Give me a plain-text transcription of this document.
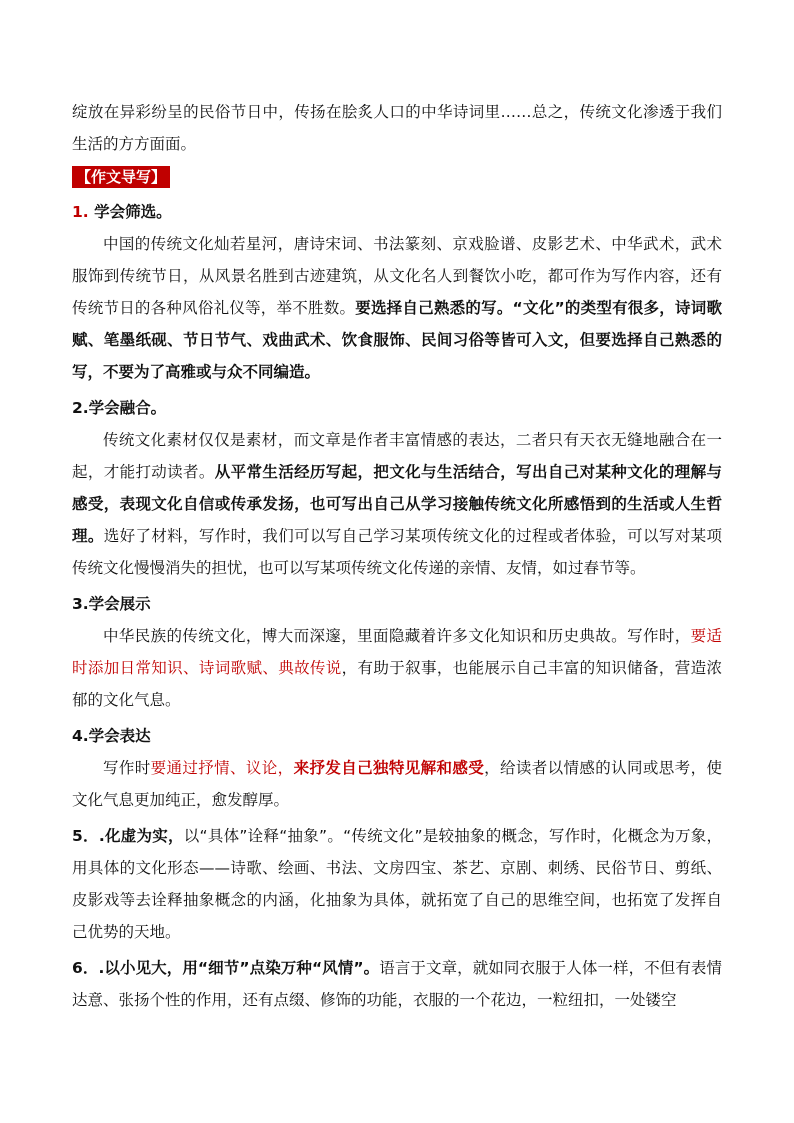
绽放在异彩纷呈的民俗节日中，传扬在脍炙人口的中华诗词里……总之，传统文化渗透于我们生活的方方面面。

【作文导写】

1. 学会筛选。

中国的传统文化灿若星河，唐诗宋词、书法篆刻、京戏脸谱、皮影艺术、中华武术，武术服饰到传统节日，从风景名胜到古迹建筑，从文化名人到餐饮小吃，都可作为写作内容，还有传统节日的各种风俗礼仪等，举不胜数。要选择自己熟悉的写。“文化”的类型有很多，诗词歌赋、笔墨纸砚、节日节气、戏曲武术、饮食服饰、民间习俗等皆可入文，但要选择自己熟悉的写，不要为了高雅或与众不同编造。

2.学会融合。

传统文化素材仅仅是素材，而文章是作者丰富情感的表达，二者只有天衣无缝地融合在一起，才能打动读者。从平常生活经历写起，把文化与生活结合，写出自己对某种文化的理解与感受，表现文化自信或传承发扬，也可写出自己从学习接触传统文化所感悟到的生活或人生哲理。选好了材料，写作时，我们可以写自己学习某项传统文化的过程或者体验，可以写对某项传统文化慢慢消失的担忧，也可以写某项传统文化传递的亲情、友情，如过春节等。

3.学会展示

中华民族的传统文化，博大而深邃，里面隐藏着许多文化知识和历史典故。写作时，要适时添加日常知识、诗词歌赋、典故传说，有助于叙事，也能展示自己丰富的知识储备，营造浓郁的文化气息。

4.学会表达

写作时要通过抒情、议论，来抒发自己独特见解和感受，给读者以情感的认同或思考，使文化气息更加纯正，愈发醇厚。

5．.化虚为实，以“具体”诠释“抽象”。“传统文化”是较抽象的概念，写作时，化概念为万象，用具体的文化形态——诗歌、绘画、书法、文房四宝、茶艺、京剧、刺绣、民俗节日、剪纸、皮影戏等去诠释抽象概念的内涵，化抽象为具体，就拓宽了自己的思维空间，也拓宽了发挥自己优势的天地。

6．.以小见大，用“细节”点染万种“风情”。语言于文章，就如同衣服于人体一样，不但有表情达意、张扬个性的作用，还有点缀、修饰的功能，衣服的一个花边，一粒纽扣，一处镂空
